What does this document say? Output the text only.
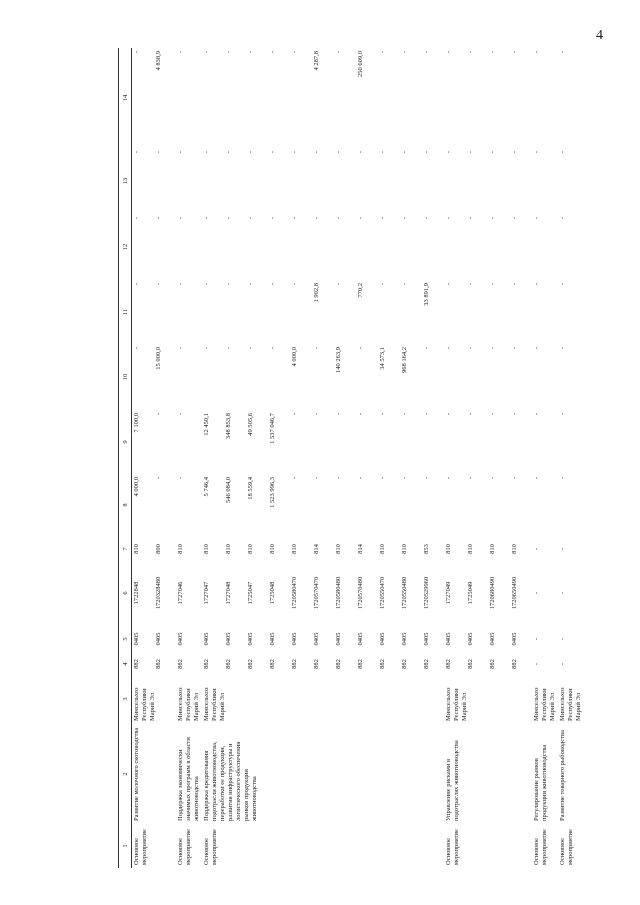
4
1	2	3	4	5	6	7	8	9	10	11	12	13	14
Основное мероприятие	Развитие молочного скотоводства	Минсельхоз Республики Марий Эл	882	0405	1722848	810	4 000,0	7 100,0	-	-	-	-	-
			882	0405	1720328480	800	-	-	15 000,0	-	-	-	4 838,9
Основное мероприятие	Поддержка экономически значимых программ в области животноводства	Минсельхоз Республики Марий Эл	882	0405	1727046	810	-	-	-	-	-	-	-
Основное мероприятие	Поддержка кредитования подотрасли животноводства, переработки ее продукции, развития инфраструктуры и логистического обеспечения рынков продукции животноводства	Минсельхоз Республики Марий Эл	882	0405	1727047	810	5 746,4	12 450,1	-	-	-	-	-
			882	0405	1727048	810	546 084,0	348 853,8	-	-	-	-	-
			882	0405	1725047	810	18 559,4	49 505,6	-	-	-	-	-
			882	0405	1725048	810	1 523 996,3	1 537 046,7	-	-	-	-	-
			882	0405	1720580470	810	-	-	4 000,0	-	-	-	-
			882	0405	1720570470	814	-	-	-	1 902,8	-	-	4 287,8
			882	0405	1720580480	810	-	-	140 263,9	-	-	-	-
			882	0405	1720570480	814	-	-	-	770,2	-	-	250 609,0
			882	0405	1720550470	810	-	-	34 573,1	-	-	-	-
			882	0405	1720550480	810	-	-	968 164,2	-	-	-	-
			882	0405	1720529960	853	-	-	-	33 891,9	-	-	-
Основное мероприятие	Управление рисками в подотраслях животноводства	Минсельхоз Республики Марий Эл	882	0405	1727049	810	-	-	-	-	-	-	-
			882	0405	1725049	810	-	-	-	-	-	-	-
			882	0405	1720680490	810	-	-	-	-	-	-	-
			882	0405	1720650490	810	-	-	-	-	-	-	-
Основное мероприятие	Регулирование рынков продукции животноводства	Минсельхоз Республики Марий Эл	-	-	-	-	-	-	-	-	-	-	-
Основное мероприятие	Развитие товарного рыбоводства	Минсельхоз Республики Марий Эл	-	-	-	-	-	-	-	-	-	-	-
